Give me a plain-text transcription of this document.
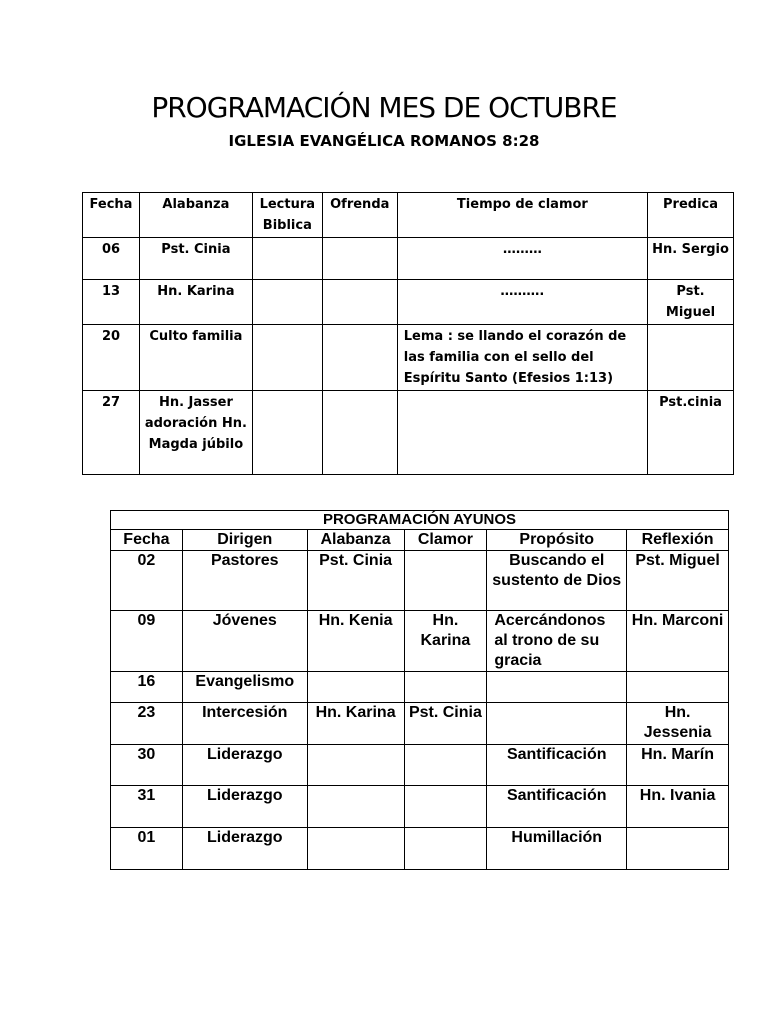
PROGRAMACIÓN MES DE OCTUBRE
IGLESIA EVANGÉLICA ROMANOS 8:28
Fecha	Alabanza	Lectura Biblica	Ofrenda	Tiempo de clamor	Predica
06	Pst. Cinia			………	Hn. Sergio
13	Hn. Karina			……….	Pst. Miguel
20	Culto familia			Lema : se llando el corazón de las familia con el sello del Espíritu Santo (Efesios 1:13)	
27	Hn. Jasser adoración Hn. Magda júbilo				Pst.cinia
PROGRAMACIÓN AYUNOS					
Fecha	Dirigen	Alabanza	Clamor	Propósito	Reflexión
02	Pastores	Pst. Cinia		Buscando el sustento de Dios	Pst. Miguel
09	Jóvenes	Hn. Kenia	Hn. Karina	Acercándonos al trono de su gracia	Hn. Marconi
16	Evangelismo				
23	Intercesión	Hn. Karina	Pst. Cinia		Hn. Jessenia
30	Liderazgo			Santificación	Hn. Marín
31	Liderazgo			Santificación	Hn. Ivania
01	Liderazgo			Humillación	
